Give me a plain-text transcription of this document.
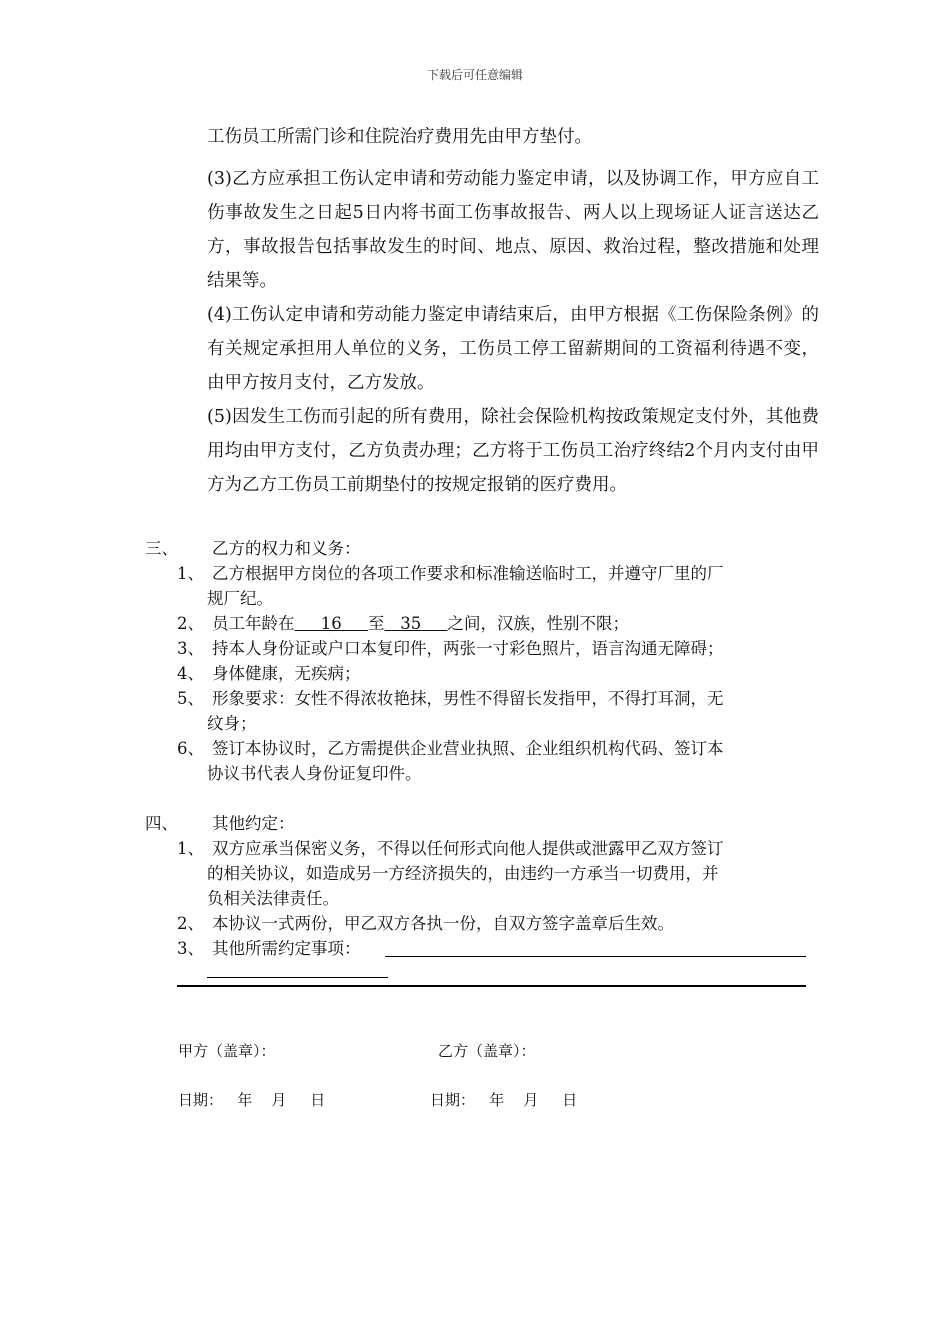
下载后可任意编辑
工伤员工所需门诊和住院治疗费用先由甲方垫付。
(3)乙方应承担工伤认定申请和劳动能力鉴定申请，以及协调工作，甲方应自工伤事故发生之日起5日内将书面工伤事故报告、两人以上现场证人证言送达乙方，事故报告包括事故发生的时间、地点、原因、救治过程，整改措施和处理结果等。
(4)工伤认定申请和劳动能力鉴定申请结束后，由甲方根据《工伤保险条例》的有关规定承担用人单位的义务，工伤员工停工留薪期间的工资福利待遇不变，由甲方按月支付，乙方发放。
(5)因发生工伤而引起的所有费用，除社会保险机构按政策规定支付外，其他费用均由甲方支付，乙方负责办理；乙方将于工伤员工治疗终结2个月内支付由甲方为乙方工伤员工前期垫付的按规定报销的医疗费用。
三、 乙方的权力和义务：
1、 乙方根据甲方岗位的各项工作要求和标准输送临时工，并遵守厂里的厂
规厂纪。
2、 员工年龄在 16 至 35 之间，汉族，性别不限；
3、 持本人身份证或户口本复印件，两张一寸彩色照片，语言沟通无障碍；
4、 身体健康，无疾病；
5、 形象要求：女性不得浓妆艳抹，男性不得留长发指甲，不得打耳洞，无
纹身；
6、 签订本协议时，乙方需提供企业营业执照、企业组织机构代码、签订本
协议书代表人身份证复印件。
四、 其他约定：
1、 双方应承当保密义务，不得以任何形式向他人提供或泄露甲乙双方签订
的相关协议，如造成另一方经济损失的，由违约一方承当一切费用，并
负相关法律责任。
2、 本协议一式两份，甲乙双方各执一份，自双方签字盖章后生效。
3、 其他所需约定事项：
甲方（盖章）：	乙方（盖章）：
日期：   年    月     日	日期：   年    月     日
